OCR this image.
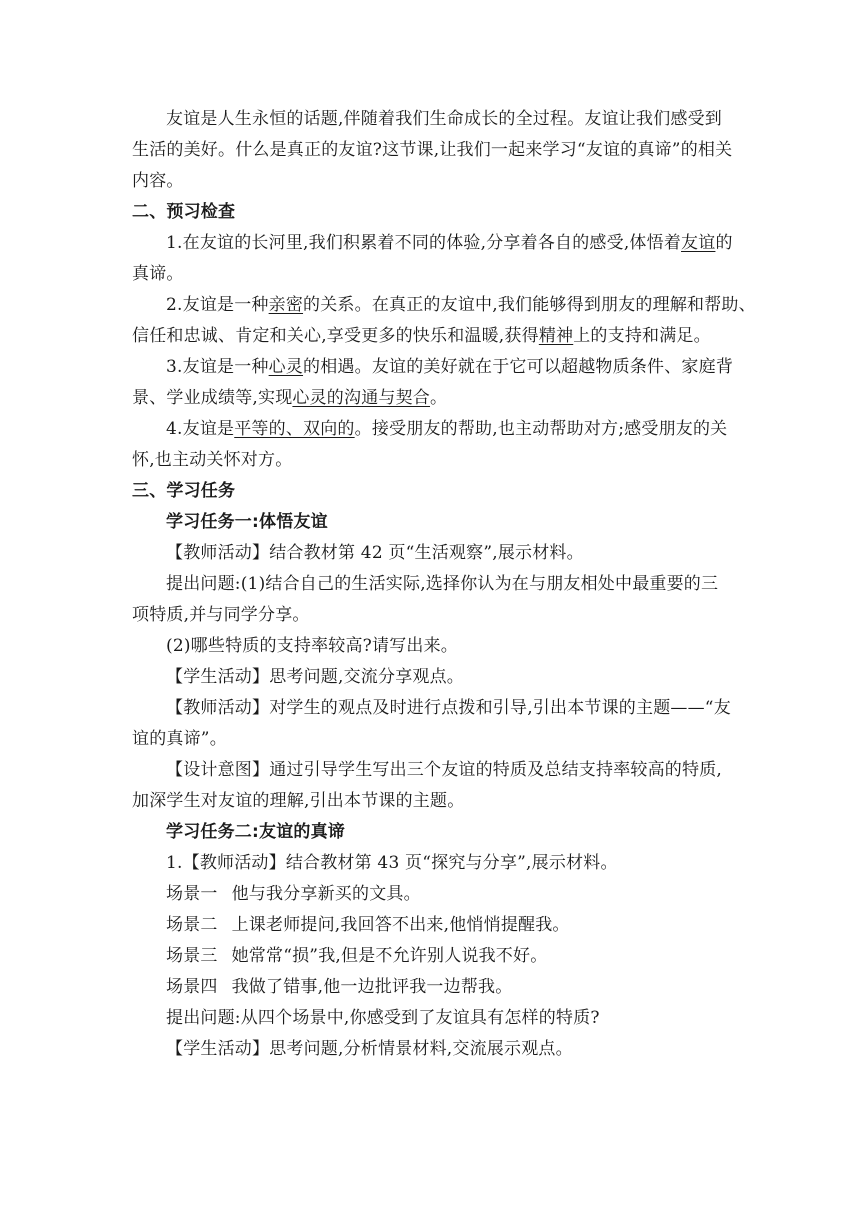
友谊是人生永恒的话题,伴随着我们生命成长的全过程。友谊让我们感受到
生活的美好。什么是真正的友谊?这节课,让我们一起来学习“友谊的真谛”的相关
内容。
二、预习检查
1.在友谊的长河里,我们积累着不同的体验,分享着各自的感受,体悟着友谊的
真谛。
2.友谊是一种亲密的关系。在真正的友谊中,我们能够得到朋友的理解和帮助、
信任和忠诚、肯定和关心,享受更多的快乐和温暖,获得精神上的支持和满足。
3.友谊是一种心灵的相遇。友谊的美好就在于它可以超越物质条件、家庭背
景、学业成绩等,实现心灵的沟通与契合。
4.友谊是平等的、双向的。接受朋友的帮助,也主动帮助对方;感受朋友的关
怀,也主动关怀对方。
三、学习任务
学习任务一:体悟友谊
【教师活动】结合教材第 42 页“生活观察”,展示材料。
提出问题:(1)结合自己的生活实际,选择你认为在与朋友相处中最重要的三
项特质,并与同学分享。
(2)哪些特质的支持率较高?请写出来。
【学生活动】思考问题,交流分享观点。
【教师活动】对学生的观点及时进行点拨和引导,引出本节课的主题——“友
谊的真谛”。
【设计意图】通过引导学生写出三个友谊的特质及总结支持率较高的特质,
加深学生对友谊的理解,引出本节课的主题。
学习任务二:友谊的真谛
1.【教师活动】结合教材第 43 页“探究与分享”,展示材料。
场景一 他与我分享新买的文具。
场景二 上课老师提问,我回答不出来,他悄悄提醒我。
场景三 她常常“损”我,但是不允许别人说我不好。
场景四 我做了错事,他一边批评我一边帮我。
提出问题:从四个场景中,你感受到了友谊具有怎样的特质?
【学生活动】思考问题,分析情景材料,交流展示观点。
